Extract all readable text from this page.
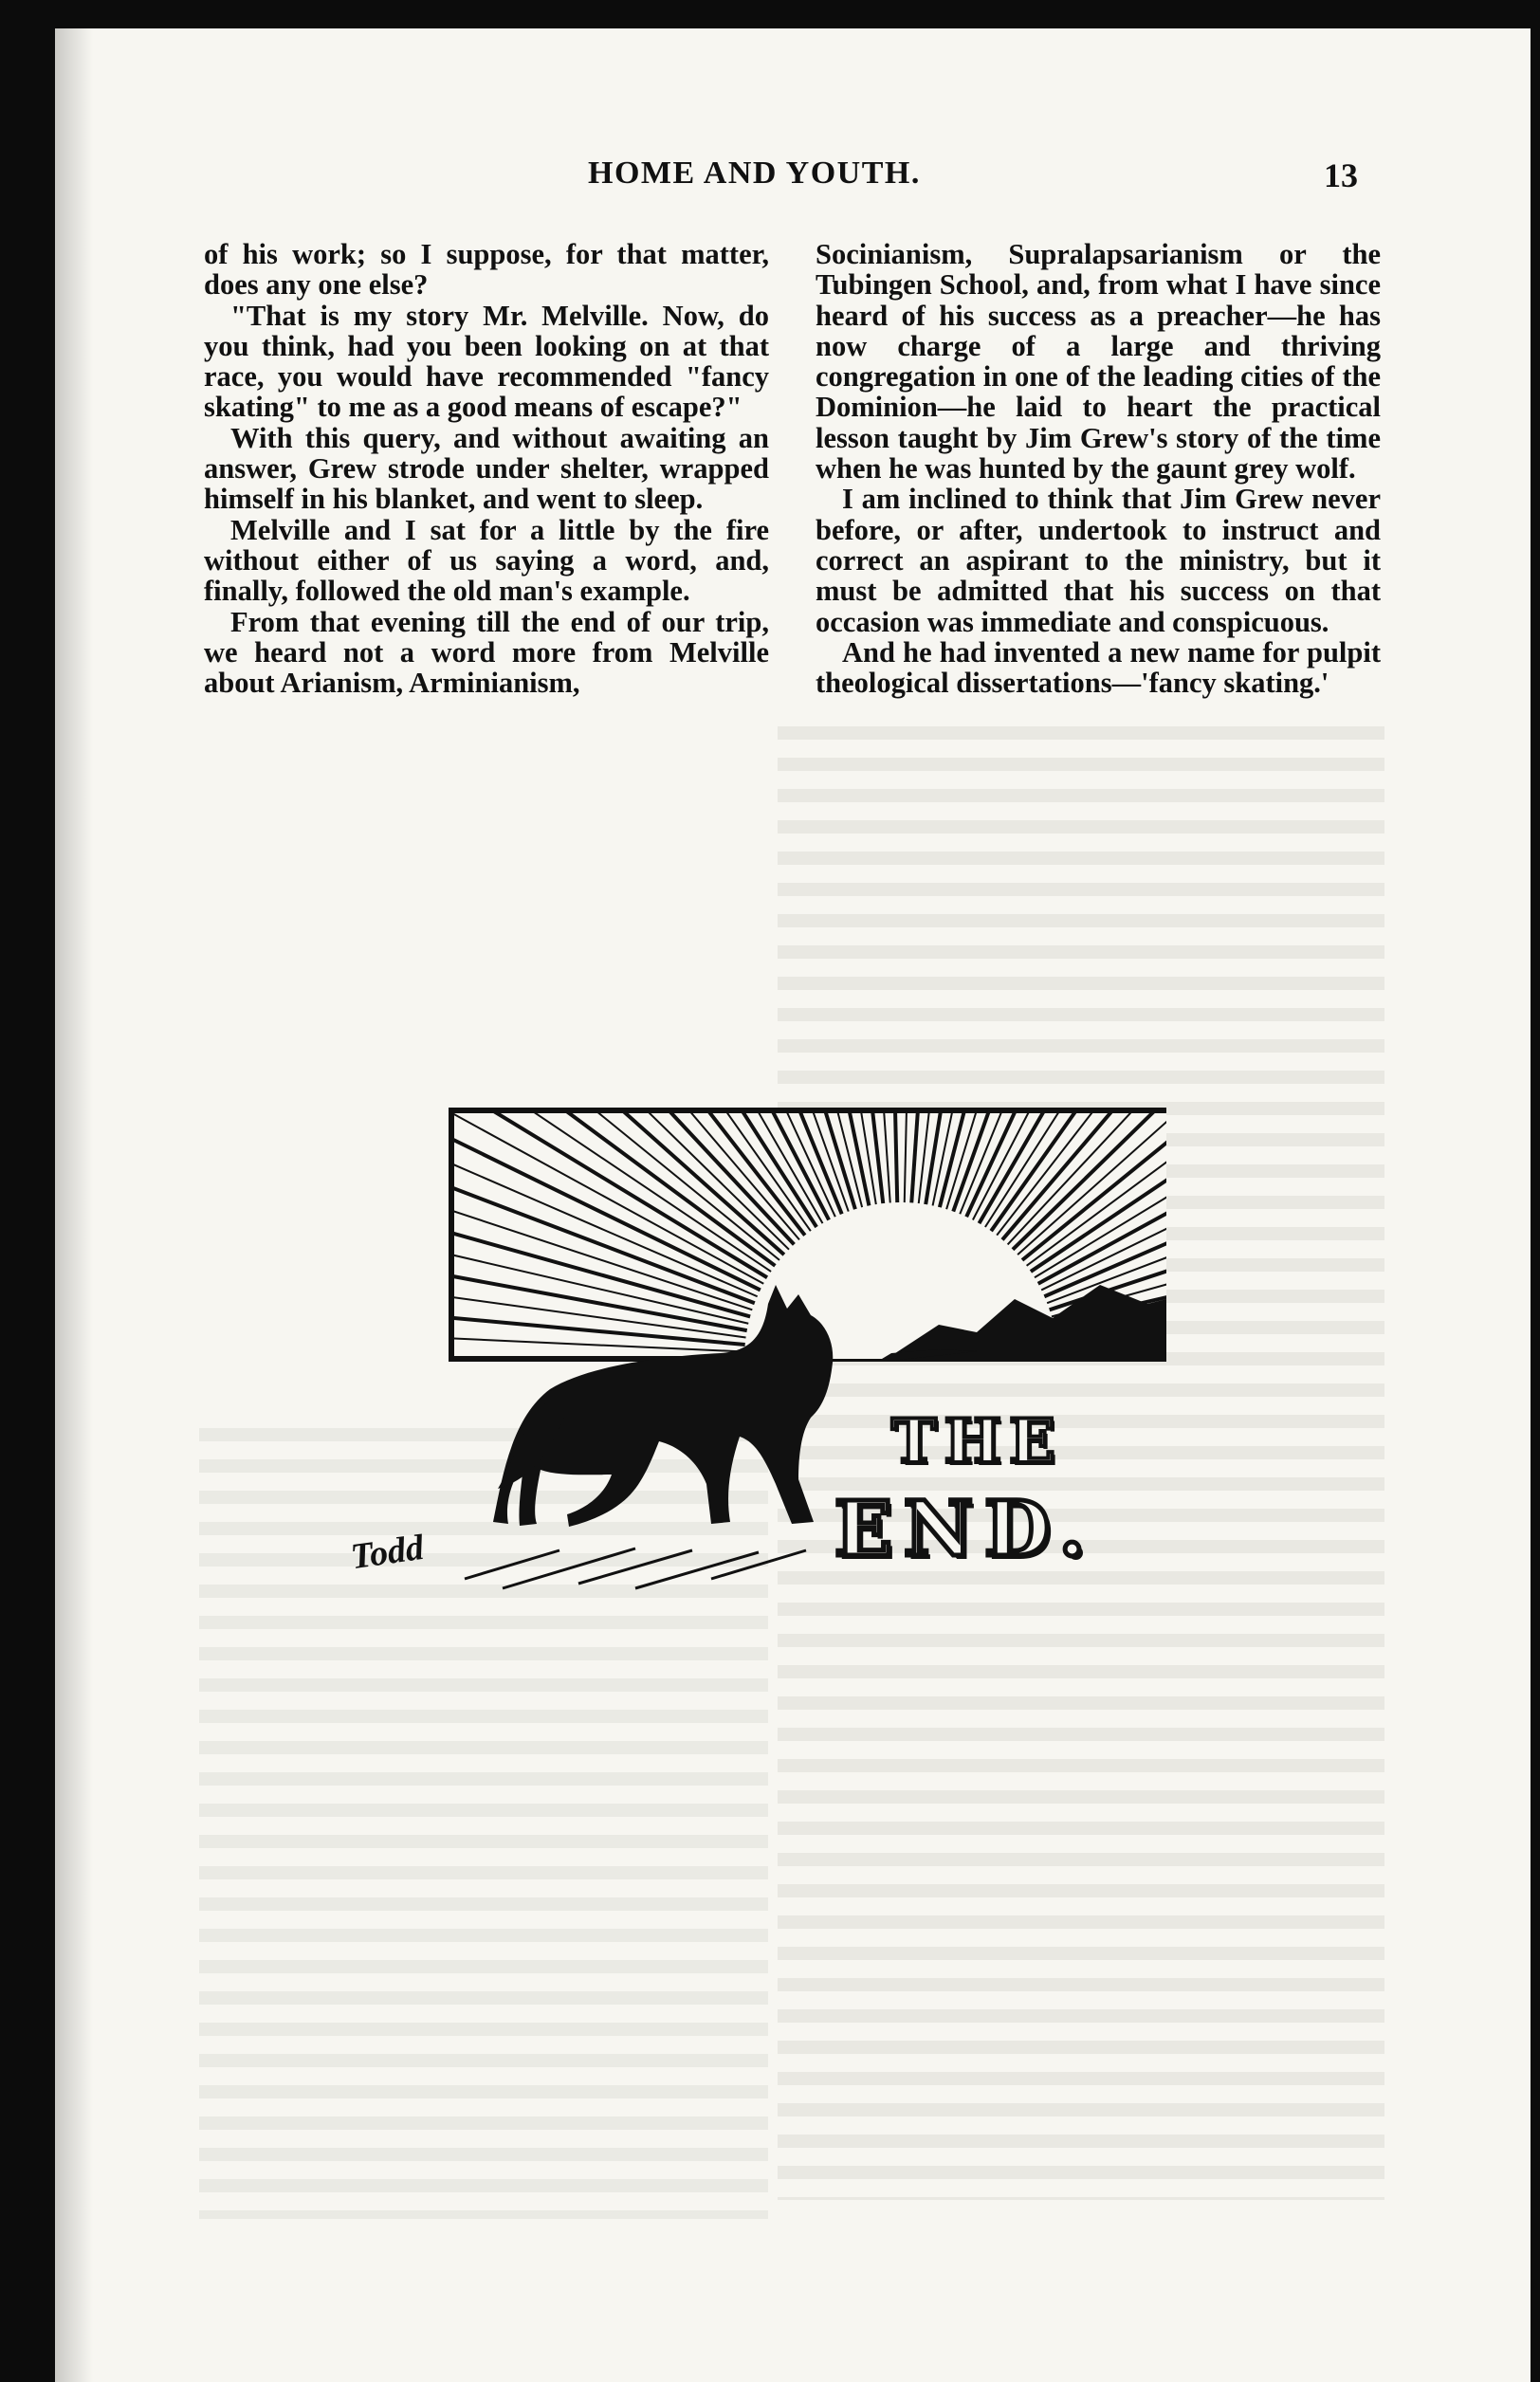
HOME AND YOUTH.	13

of his work; so I suppose, for that matter, does any one else?

"That is my story Mr. Melville. Now, do you think, had you been looking on at that race, you would have recommended "fancy skating" to me as a good means of escape?"

With this query, and without awaiting an answer, Grew strode under shelter, wrapped himself in his blanket, and went to sleep.

Melville and I sat for a little by the fire without either of us saying a word, and, finally, followed the old man's example.

From that evening till the end of our trip, we heard not a word more from Melville about Arianism, Arminianism,

Socinianism, Supralapsarianism or the Tubingen School, and, from what I have since heard of his success as a preacher—he has now charge of a large and thriving congregation in one of the leading cities of the Dominion—he laid to heart the practical lesson taught by Jim Grew's story of the time when he was hunted by the gaunt grey wolf.

I am inclined to think that Jim Grew never before, or after, undertook to instruct and correct an aspirant to the ministry, but it must be admitted that his success on that occasion was immediate and conspicuous.

And he had invented a new name for pulpit theological dissertations—'fancy skating.'

Todd
THE
END.
